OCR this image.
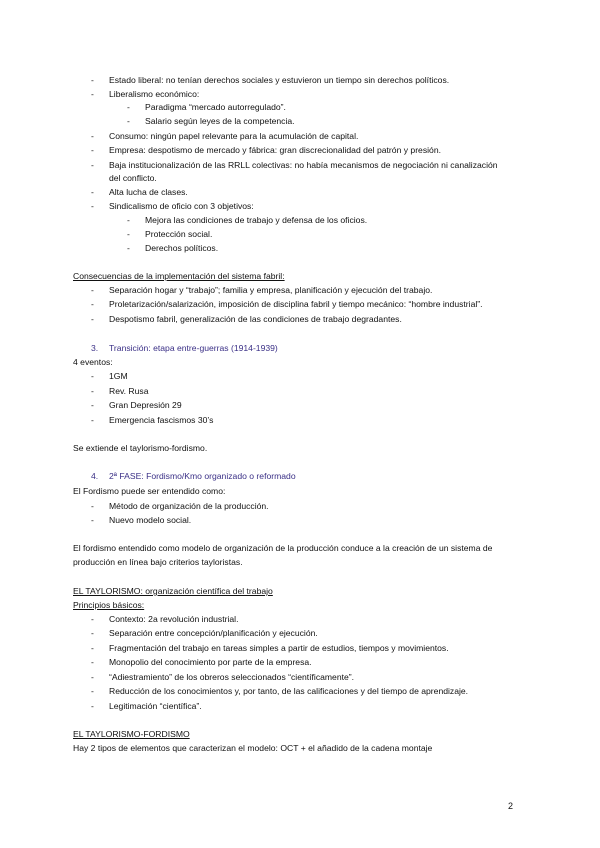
- Estado liberal: no tenían derechos sociales y estuvieron un tiempo sin derechos políticos.
- Liberalismo económico:
- Paradigma “mercado autorregulado”.
- Salario según leyes de la competencia.
- Consumo: ningún papel relevante para la acumulación de capital.
- Empresa: despotismo de mercado y fábrica: gran discrecionalidad del patrón y presión.
- Baja institucionalización de las RRLL colectivas: no había mecanismos de negociación ni canalización
del conflicto.
- Alta lucha de clases.
- Sindicalismo de oficio con 3 objetivos:
- Mejora las condiciones de trabajo y defensa de los oficios.
- Protección social.
- Derechos políticos.
Consecuencias de la implementación del sistema fabril:
- Separación hogar y “trabajo”; familia y empresa, planificación y ejecución del trabajo.
- Proletarización/salarización, imposición de disciplina fabril y tiempo mecánico: “hombre industrial”.
- Despotismo fabril, generalización de las condiciones de trabajo degradantes.
3. Transición: etapa entre-guerras (1914-1939)
4 eventos:
- 1GM
- Rev. Rusa
- Gran Depresión 29
- Emergencia fascismos 30’s
Se extiende el taylorismo-fordismo.
4. 2ª FASE: Fordismo/Kmo organizado o reformado
El Fordismo puede ser entendido como:
- Método de organización de la producción.
- Nuevo modelo social.
El fordismo entendido como modelo de organización de la producción conduce a la creación de un sistema de
producción en línea bajo criterios tayloristas.
EL TAYLORISMO: organización científica del trabajo
Principios básicos:
- Contexto: 2a revolución industrial.
- Separación entre concepción/planificación y ejecución.
- Fragmentación del trabajo en tareas simples a partir de estudios, tiempos y movimientos.
- Monopolio del conocimiento por parte de la empresa.
- “Adiestramiento” de los obreros seleccionados “científicamente”.
- Reducción de los conocimientos y, por tanto, de las calificaciones y del tiempo de aprendizaje.
- Legitimación “científica”.
EL TAYLORISMO-FORDISMO
Hay 2 tipos de elementos que caracterizan el modelo: OCT + el añadido de la cadena montaje
2
